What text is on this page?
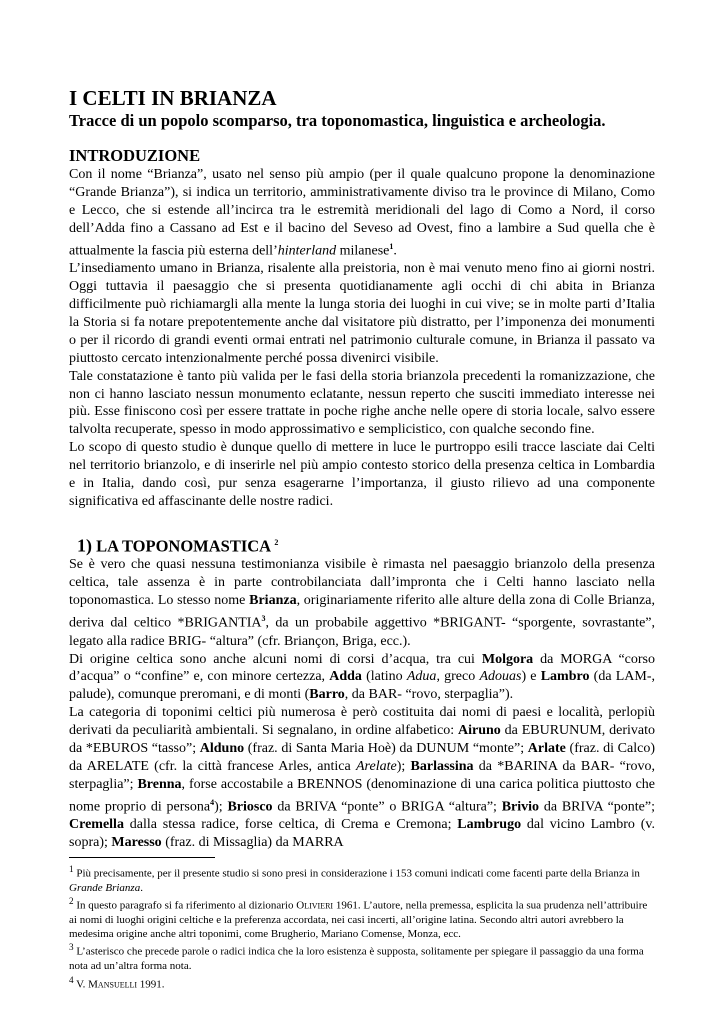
I CELTI IN BRIANZA
Tracce di un popolo scomparso, tra toponomastica, linguistica e archeologia.
INTRODUZIONE

Con il nome “Brianza”, usato nel senso più ampio (per il quale qualcuno propone la denominazione “Grande Brianza”), si indica un territorio, amministrativamente diviso tra le province di Milano, Como e Lecco, che si estende all’incirca tra le estremità meridionali del lago di Como a Nord, il corso dell’Adda fino a Cassano ad Est e il bacino del Seveso ad Ovest, fino a lambire a Sud quella che è attualmente la fascia più esterna dell’hinterland milanese$^1$.

L’insediamento umano in Brianza, risalente alla preistoria, non è mai venuto meno fino ai giorni nostri. Oggi tuttavia il paesaggio che si presenta quotidianamente agli occhi di chi abita in Brianza difficilmente può richiamargli alla mente la lunga storia dei luoghi in cui vive; se in molte parti d’Italia la Storia si fa notare prepotentemente anche dal visitatore più distratto, per l’imponenza dei monumenti o per il ricordo di grandi eventi ormai entrati nel patrimonio culturale comune, in Brianza il passato va piuttosto cercato intenzionalmente perché possa divenirci visibile.

Tale constatazione è tanto più valida per le fasi della storia brianzola precedenti la romanizzazione, che non ci hanno lasciato nessun monumento eclatante, nessun reperto che susciti immediato interesse nei più. Esse finiscono così per essere trattate in poche righe anche nelle opere di storia locale, salvo essere talvolta recuperate, spesso in modo approssimativo e semplicistico, con qualche secondo fine.

Lo scopo di questo studio è dunque quello di mettere in luce le purtroppo esili tracce lasciate dai Celti nel territorio brianzolo, e di inserirle nel più ampio contesto storico della presenza celtica in Lombardia e in Italia, dando così, pur senza esagerarne l’importanza, il giusto rilievo ad una componente significativa ed affascinante delle nostre radici.

1) LA TOPONOMASTICA $^2$

Se è vero che quasi nessuna testimonianza visibile è rimasta nel paesaggio brianzolo della presenza celtica, tale assenza è in parte controbilanciata dall’impronta che i Celti hanno lasciato nella toponomastica. Lo stesso nome Brianza, originariamente riferito alle alture della zona di Colle Brianza, deriva dal celtico *BRIGANTIA$^3$, da un probabile aggettivo *BRIGANT- “sporgente, sovrastante”, legato alla radice BRIG- “altura” (cfr. Briançon, Briga, ecc.).

Di origine celtica sono anche alcuni nomi di corsi d’acqua, tra cui Molgora da MORGA “corso d’acqua” o “confine” e, con minore certezza, Adda (latino Adua, greco Adouas) e Lambro (da LAM-, palude), comunque preromani, e di monti (Barro, da BAR- “rovo, sterpaglia”).

La categoria di toponimi celtici più numerosa è però costituita dai nomi di paesi e località, perlopiù derivati da peculiarità ambientali. Si segnalano, in ordine alfabetico: Airuno da EBURUNUM, derivato da *EBUROS “tasso”; Alduno (fraz. di Santa Maria Hoè) da DUNUM “monte”; Arlate (fraz. di Calco) da ARELATE (cfr. la città francese Arles, antica Arelate); Barlassina da *BARINA da BAR- “rovo, sterpaglia”; Brenna, forse accostabile a BRENNOS (denominazione di una carica politica piuttosto che nome proprio di persona$^4$); Briosco da BRIVA “ponte” o BRIGA “altura”; Brivio da BRIVA “ponte”; Cremella dalla stessa radice, forse celtica, di Crema e Cremona; Lambrugo dal vicino Lambro (v. sopra); Maresso (fraz. di Missaglia) da MARRA

$^1$ Più precisamente, per il presente studio si sono presi in considerazione i 153 comuni indicati come facenti parte della Brianza in Grande Brianza.

$^2$ In questo paragrafo si fa riferimento al dizionario Olivieri 1961. L’autore, nella premessa, esplicita la sua prudenza nell’attribuire ai nomi di luoghi origini celtiche e la preferenza accordata, nei casi incerti, all’origine latina. Secondo altri autori avrebbero la medesima origine anche altri toponimi, come Brugherio, Mariano Comense, Monza, ecc.

$^3$ L’asterisco che precede parole o radici indica che la loro esistenza è supposta, solitamente per spiegare il passaggio da una forma nota ad un’altra forma nota.

$^4$ V. Mansuelli 1991.
